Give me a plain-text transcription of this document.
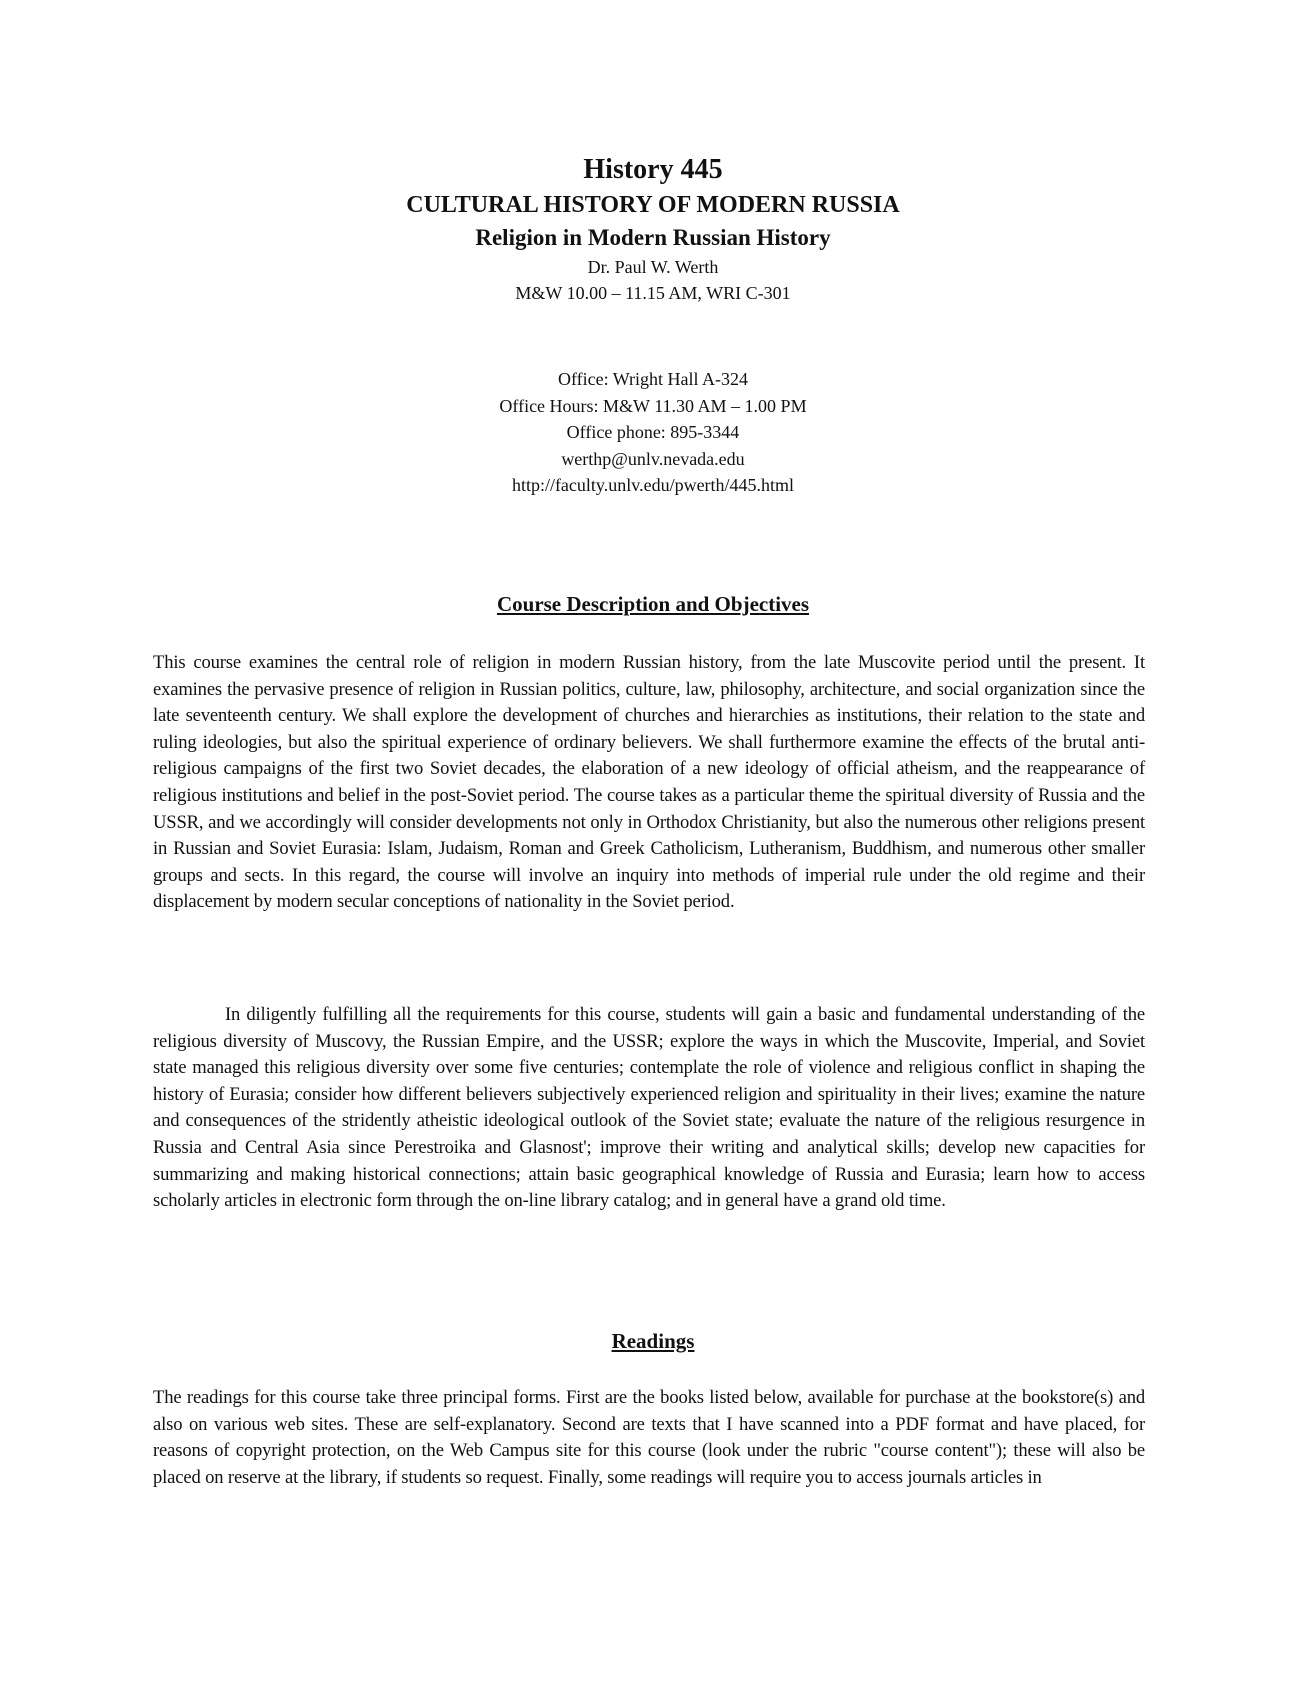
History 445

CULTURAL HISTORY OF MODERN RUSSIA

Religion in Modern Russian History

Dr. Paul W. Werth

M&W 10.00 – 11.15 AM, WRI C-301

Office: Wright Hall A-324

Office Hours: M&W 11.30 AM – 1.00 PM

Office phone: 895-3344

werthp@unlv.nevada.edu

http://faculty.unlv.edu/pwerth/445.html

Course Description and Objectives

This course examines the central role of religion in modern Russian history, from the late Muscovite period until the present. It examines the pervasive presence of religion in Russian politics, culture, law, philosophy, architecture, and social organization since the late seventeenth century. We shall explore the development of churches and hierarchies as institutions, their relation to the state and ruling ideologies, but also the spiritual experience of ordinary believers. We shall furthermore examine the effects of the brutal anti-religious campaigns of the first two Soviet decades, the elaboration of a new ideology of official atheism, and the reappearance of religious institutions and belief in the post-Soviet period. The course takes as a particular theme the spiritual diversity of Russia and the USSR, and we accordingly will consider developments not only in Orthodox Christianity, but also the numerous other religions present in Russian and Soviet Eurasia: Islam, Judaism, Roman and Greek Catholicism, Lutheranism, Buddhism, and numerous other smaller groups and sects. In this regard, the course will involve an inquiry into methods of imperial rule under the old regime and their displacement by modern secular conceptions of nationality in the Soviet period.

In diligently fulfilling all the requirements for this course, students will gain a basic and fundamental understanding of the religious diversity of Muscovy, the Russian Empire, and the USSR; explore the ways in which the Muscovite, Imperial, and Soviet state managed this religious diversity over some five centuries; contemplate the role of violence and religious conflict in shaping the history of Eurasia; consider how different believers subjectively experienced religion and spirituality in their lives; examine the nature and consequences of the stridently atheistic ideological outlook of the Soviet state; evaluate the nature of the religious resurgence in Russia and Central Asia since Perestroika and Glasnost'; improve their writing and analytical skills; develop new capacities for summarizing and making historical connections; attain basic geographical knowledge of Russia and Eurasia; learn how to access scholarly articles in electronic form through the on-line library catalog; and in general have a grand old time.

Readings

The readings for this course take three principal forms. First are the books listed below, available for purchase at the bookstore(s) and also on various web sites. These are self-explanatory. Second are texts that I have scanned into a PDF format and have placed, for reasons of copyright protection, on the Web Campus site for this course (look under the rubric "course content"); these will also be placed on reserve at the library, if students so request. Finally, some readings will require you to access journals articles in
